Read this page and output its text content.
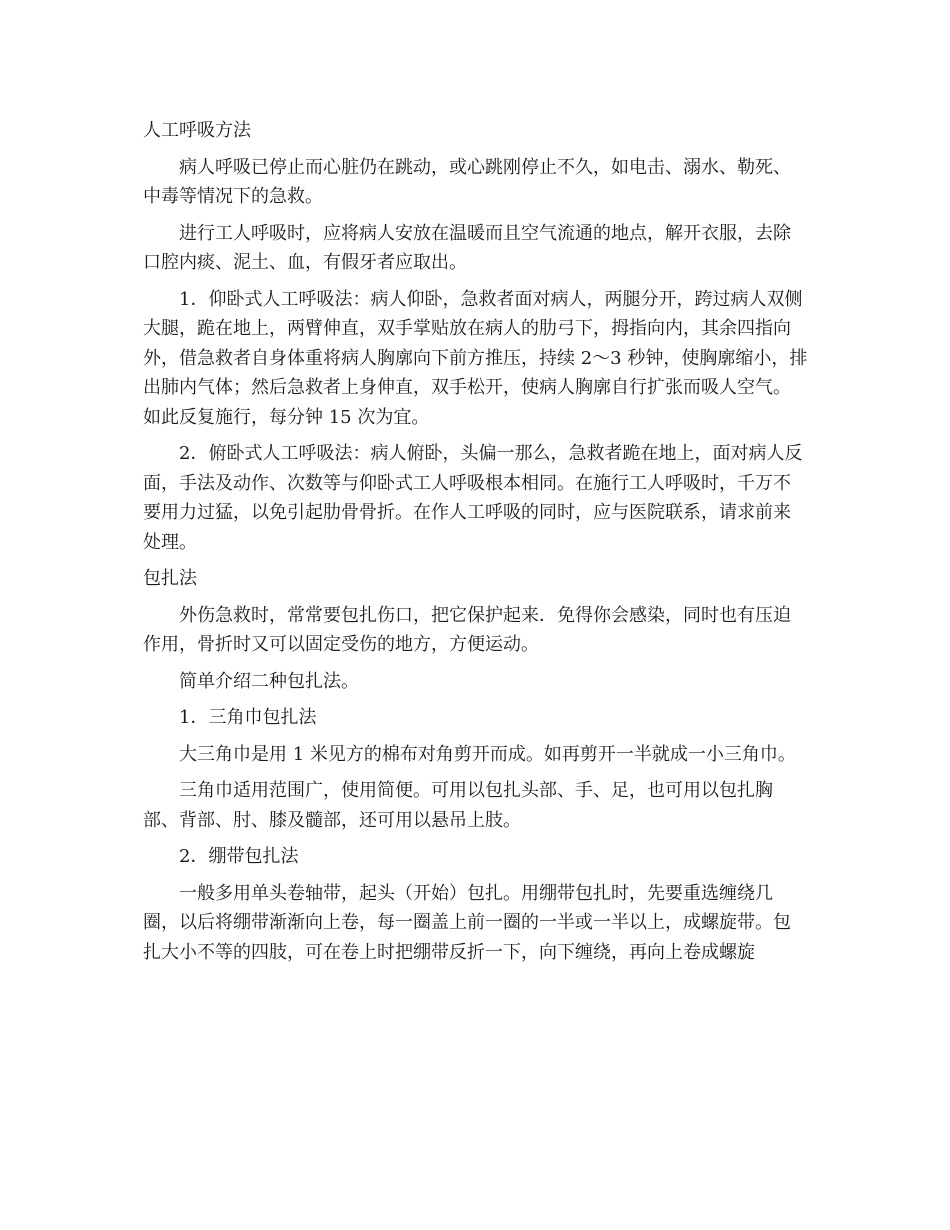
人工呼吸方法

病人呼吸已停止而心脏仍在跳动，或心跳刚停止不久，如电击、溺水、勒死、中毒等情况下的急救。

进行工人呼吸时，应将病人安放在温暖而且空气流通的地点，解开衣服，去除口腔内痰、泥土、血，有假牙者应取出。

1．仰卧式人工呼吸法：病人仰卧，急救者面对病人，两腿分开，跨过病人双侧大腿，跪在地上，两臂伸直，双手掌贴放在病人的肋弓下，拇指向内，其余四指向外，借急救者自身体重将病人胸廓向下前方推压，持续 2～3 秒钟，使胸廓缩小，排出肺内气体；然后急救者上身伸直，双手松开，使病人胸廓自行扩张而吸人空气。如此反复施行，每分钟 15 次为宜。

2．俯卧式人工呼吸法：病人俯卧，头偏一那么，急救者跪在地上，面对病人反面，手法及动作、次数等与仰卧式工人呼吸根本相同。在施行工人呼吸时，千万不要用力过猛，以免引起肋骨骨折。在作人工呼吸的同时，应与医院联系，请求前来处理。

包扎法

外伤急救时，常常要包扎伤口，把它保护起来．免得你会感染，同时也有压迫作用，骨折时又可以固定受伤的地方，方便运动。

简单介绍二种包扎法。

1．三角巾包扎法

大三角巾是用 1 米见方的棉布对角剪开而成。如再剪开一半就成一小三角巾。

三角巾适用范围广，使用简便。可用以包扎头部、手、足，也可用以包扎胸部、背部、肘、膝及髓部，还可用以悬吊上肢。

2．绷带包扎法

一般多用单头卷轴带，起头（开始）包扎。用绷带包扎时，先要重选缠绕几圈，以后将绷带渐渐向上卷，每一圈盖上前一圈的一半或一半以上，成螺旋带。包扎大小不等的四肢，可在卷上时把绷带反折一下，向下缠绕，再向上卷成螺旋
